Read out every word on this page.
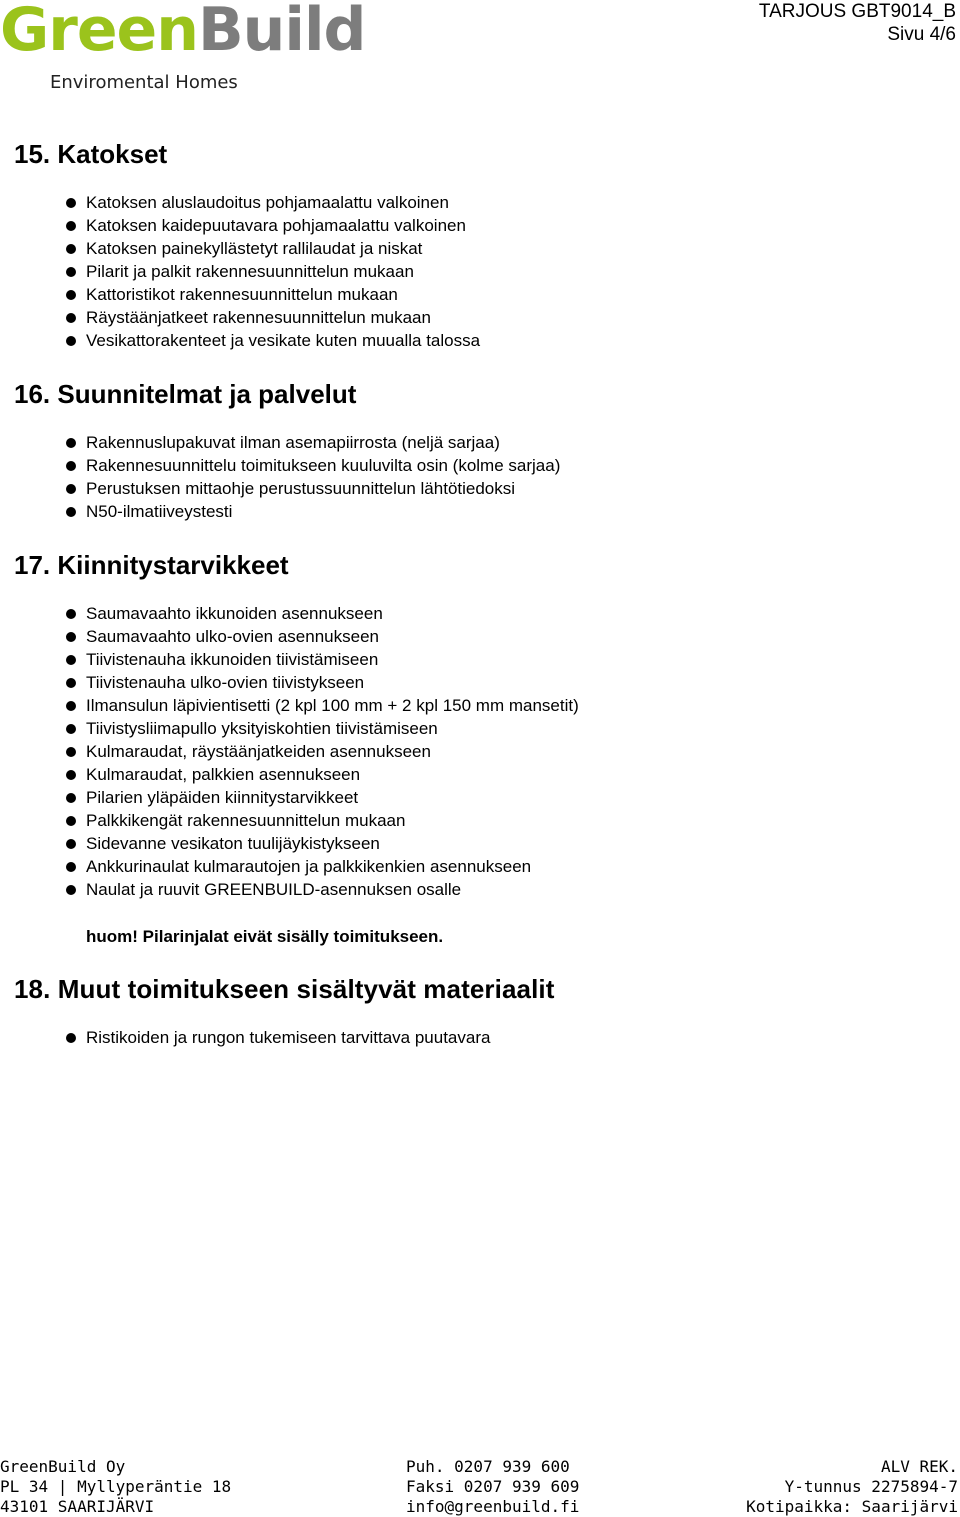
GreenBuild
Enviromental Homes
TARJOUS GBT9014_B
Sivu 4/6
15. Katokset
Katoksen aluslaudoitus pohjamaalattu valkoinen
Katoksen kaidepuutavara pohjamaalattu valkoinen
Katoksen painekyllästetyt rallilaudat ja niskat
Pilarit ja palkit rakennesuunnittelun mukaan
Kattoristikot rakennesuunnittelun mukaan
Räystäänjatkeet rakennesuunnittelun mukaan
Vesikattorakenteet ja vesikate kuten muualla talossa
16. Suunnitelmat ja palvelut
Rakennuslupakuvat ilman asemapiirrosta (neljä sarjaa)
Rakennesuunnittelu toimitukseen kuuluvilta osin (kolme sarjaa)
Perustuksen mittaohje perustussuunnittelun lähtötiedoksi
N50-ilmatiiveystesti
17. Kiinnitystarvikkeet
Saumavaahto ikkunoiden asennukseen
Saumavaahto ulko-ovien asennukseen
Tiivistenauha ikkunoiden tiivistämiseen
Tiivistenauha ulko-ovien tiivistykseen
Ilmansulun läpivientisetti (2 kpl 100 mm + 2 kpl 150 mm mansetit)
Tiivistysliimapullo yksityiskohtien tiivistämiseen
Kulmaraudat, räystäänjatkeiden asennukseen
Kulmaraudat, palkkien asennukseen
Pilarien yläpäiden kiinnitystarvikkeet
Palkkikengät rakennesuunnittelun mukaan
Sidevanne vesikaton tuulijäykistykseen
Ankkurinaulat kulmarautojen ja palkkikenkien asennukseen
Naulat ja ruuvit GREENBUILD-asennuksen osalle
huom! Pilarinjalat eivät sisälly toimitukseen.
18. Muut toimitukseen sisältyvät materiaalit
Ristikoiden ja rungon tukemiseen tarvittava puutavara
GreenBuild Oy
PL 34 | Myllyperäntie 18
43101 SAARIJÄRVI
Puh. 0207 939 600
Faksi 0207 939 609
info@greenbuild.fi
ALV REK.
Y-tunnus 2275894-7
Kotipaikka: Saarijärvi
